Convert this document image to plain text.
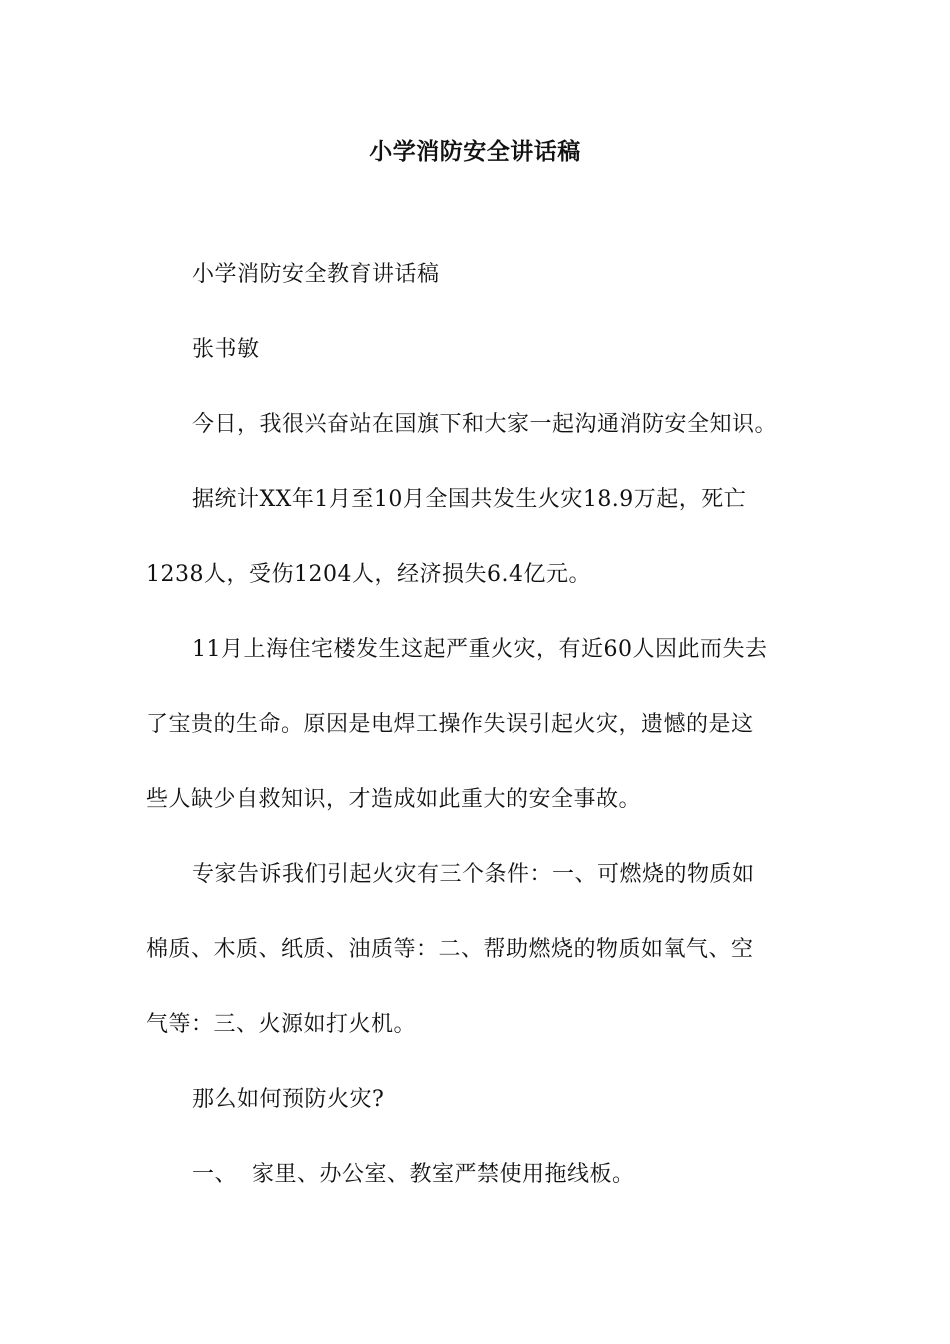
小学消防安全讲话稿
小学消防安全教育讲话稿
张书敏
今日，我很兴奋站在国旗下和大家一起沟通消防安全知识。
据统计XX年1月至10月全国共发生火灾18.9万起，死亡
1238人，受伤1204人，经济损失6.4亿元。
11月上海住宅楼发生这起严重火灾，有近60人因此而失去
了宝贵的生命。原因是电焊工操作失误引起火灾，遗憾的是这
些人缺少自救知识，才造成如此重大的安全事故。
专家告诉我们引起火灾有三个条件：一、可燃烧的物质如
棉质、木质、纸质、油质等：二、帮助燃烧的物质如氧气、空
气等：三、火源如打火机。
那么如何预防火灾?
一、  家里、办公室、教室严禁使用拖线板。
